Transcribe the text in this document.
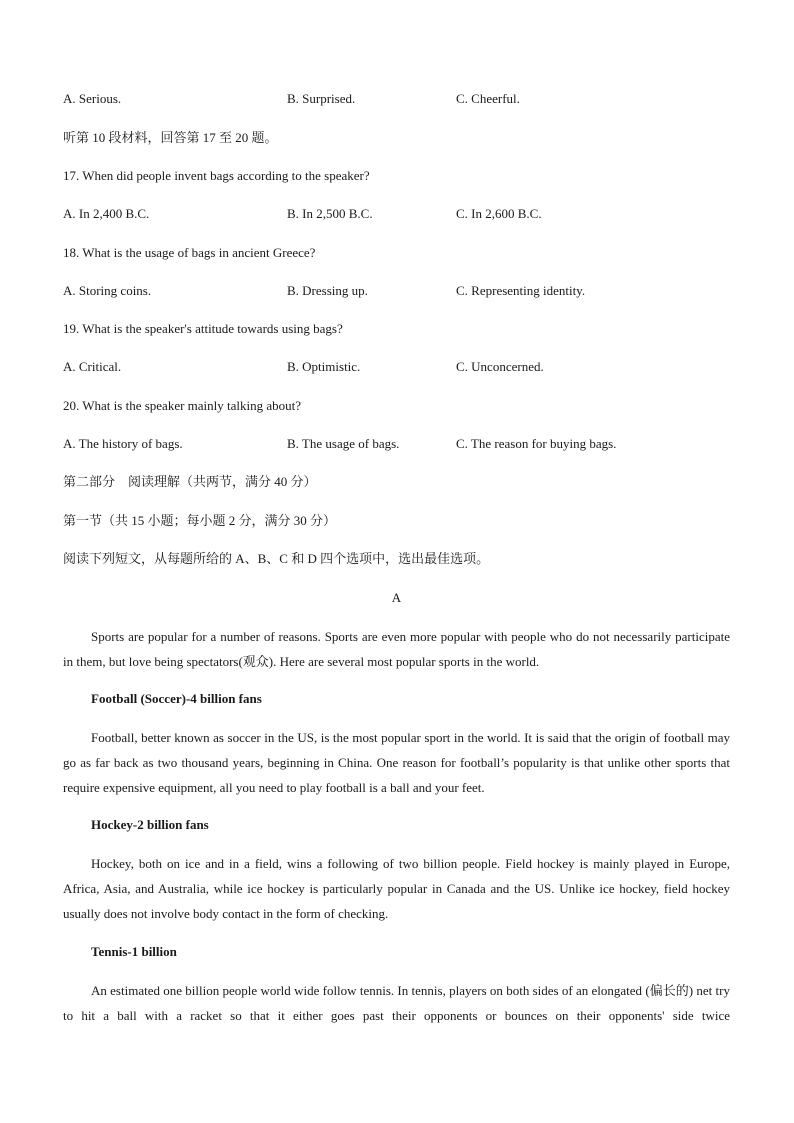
A. Serious.	B. Surprised.	C. Cheerful.
听第 10 段材料，回答第 17 至 20 题。
17. When did people invent bags according to the speaker?
A. In 2,400 B.C.	B. In 2,500 B.C.	C. In 2,600 B.C.
18. What is the usage of bags in ancient Greece?
A. Storing coins.	B. Dressing up.	C. Representing identity.
19. What is the speaker's attitude towards using bags?
A. Critical.	B. Optimistic.	C. Unconcerned.
20. What is the speaker mainly talking about?
A. The history of bags.	B. The usage of bags.	C. The reason for buying bags.
第二部分　阅读理解（共两节，满分 40 分）
第一节（共 15 小题；每小题 2 分，满分 30 分）
阅读下列短文，从每题所给的 A、B、C 和 D 四个选项中，选出最佳选项。
A
Sports are popular for a number of reasons. Sports are even more popular with people who do not necessarily participate in them, but love being spectators(观众). Here are several most popular sports in the world.
Football (Soccer)-4 billion fans
Football, better known as soccer in the US, is the most popular sport in the world. It is said that the origin of football may go as far back as two thousand years, beginning in China. One reason for football’s popularity is that unlike other sports that require expensive equipment, all you need to play football is a ball and your feet.
Hockey-2 billion fans
Hockey, both on ice and in a field, wins a following of two billion people. Field hockey is mainly played in Europe, Africa, Asia, and Australia, while ice hockey is particularly popular in Canada and the US. Unlike ice hockey, field hockey usually does not involve body contact in the form of checking.
Tennis-1 billion
An estimated one billion people world wide follow tennis. In tennis, players on both sides of an elongated (偏长的) net try to hit a ball with a racket so that it either goes past their opponents or bounces on their opponents' side twice
